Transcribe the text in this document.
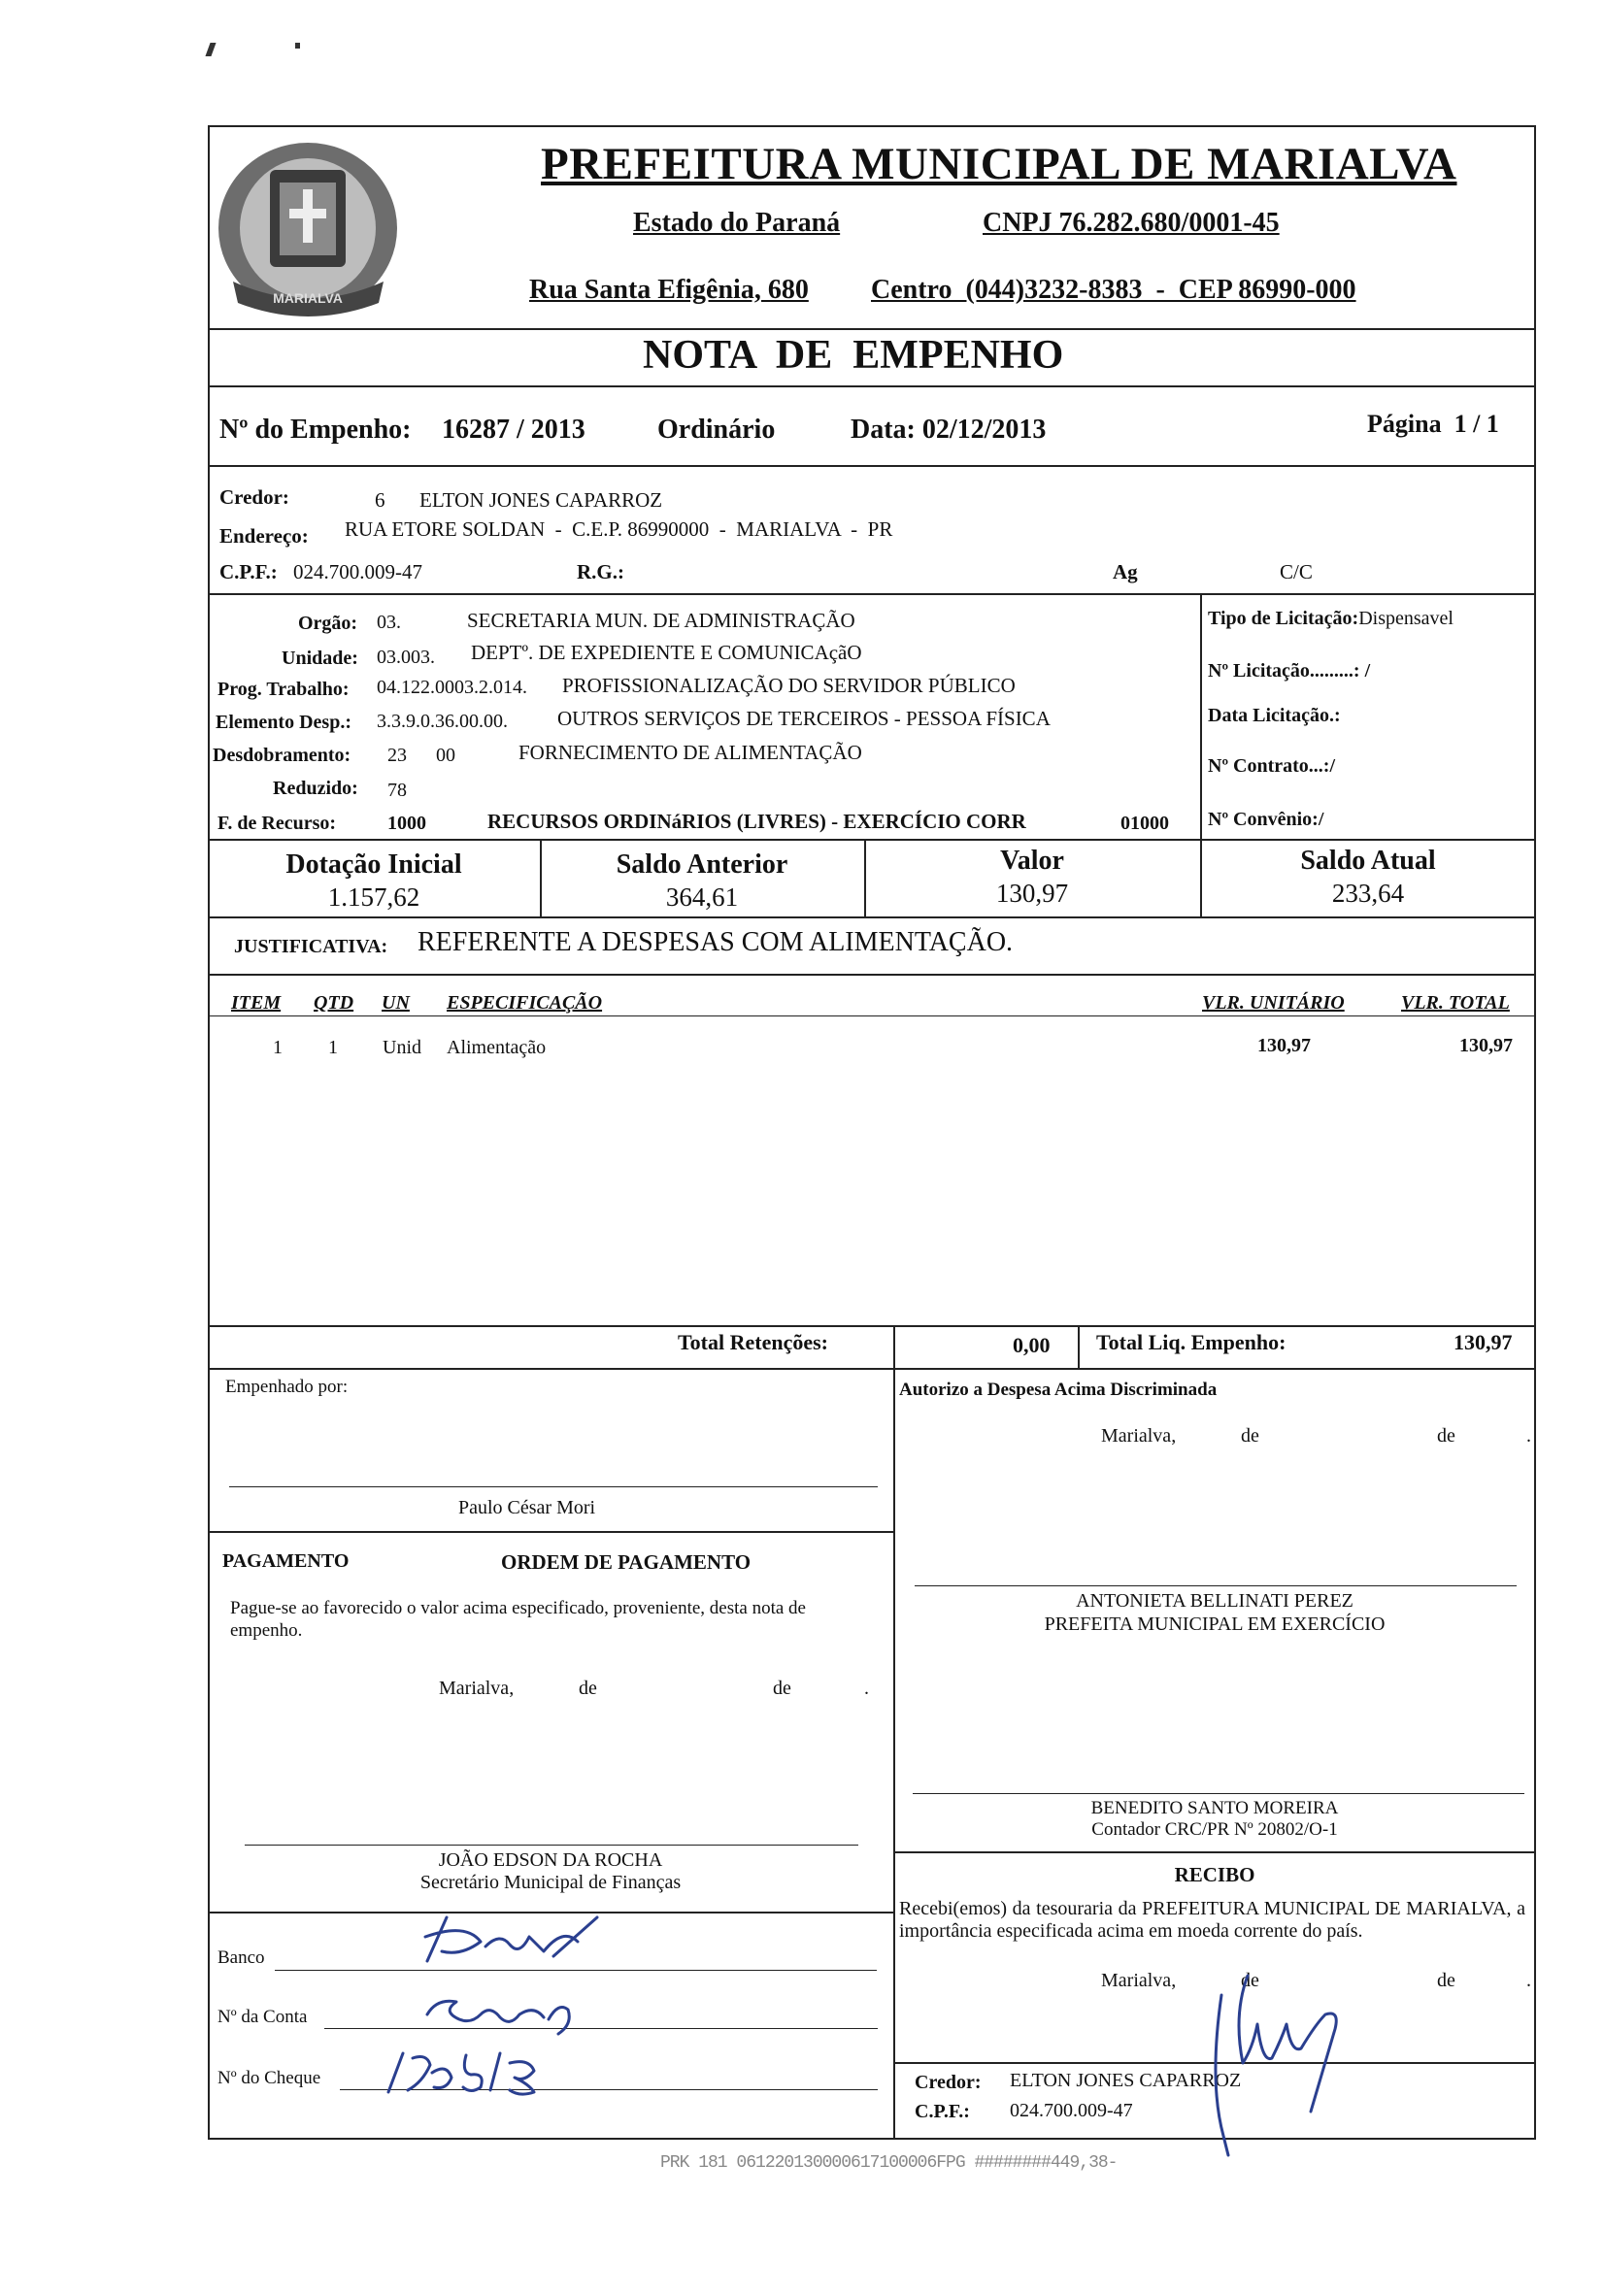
MARIALVA
PREFEITURA MUNICIPAL DE MARIALVA
Estado do Paraná	CNPJ 76.282.680/0001-45
Rua Santa Efigênia, 680 Centro  (044)3232-8383  -  CEP 86990-000
NOTA  DE  EMPENHO
Nº do Empenho: 16287 / 2013	Ordinário	Data: 02/12/2013	Página  1 / 1
Credor:	6 ELTON JONES CAPARROZ
Endereço: RUA ETORE SOLDAN  -  C.E.P. 86990000  -  MARIALVA  -  PR
C.P.F.: 024.700.009-47	R.G.:	Ag	C/C
Orgão: 03.	SECRETARIA MUN. DE ADMINISTRAÇÃO
Unidade: 03.003. DEPTº. DE EXPEDIENTE E COMUNICAçãO
Prog. Trabalho: 04.122.0003.2.014. PROFISSIONALIZAÇÃO DO SERVIDOR PÚBLICO
Elemento Desp.: 3.3.9.0.36.00.00. OUTROS SERVIÇOS DE TERCEIROS - PESSOA FÍSICA
Desdobramento: 23      00	FORNECIMENTO DE ALIMENTAÇÃO
Reduzido: 78
F. de Recurso:	1000	RECURSOS ORDINáRIOS (LIVRES) - EXERCÍCIO CORR	01000
Tipo de Licitação:Dispensavel
Nº Licitação.........: /
Data Licitação.:
Nº Contrato...:/
Nº Convênio:/
Dotação Inicial
1.157,62
Saldo Anterior
364,61
Valor
130,97
Saldo Atual
233,64
JUSTIFICATIVA: REFERENTE A DESPESAS COM ALIMENTAÇÃO.
ITEM QTD UN ESPECIFICAÇÃO	VLR. UNITÁRIO	VLR. TOTAL
1 1 Unid Alimentação	130,97	130,97
Total Retenções:	0,00 Total Liq. Empenho:	130,97
Empenhado por:
Paulo César Mori
Autorizo a Despesa Acima Discriminada
Marialva,	de	de	.
PAGAMENTO	ORDEM DE PAGAMENTO
Pague-se ao favorecido o valor acima especificado, proveniente, desta nota de empenho.
Marialva,	de	de	.
ANTONIETA BELLINATI PEREZ
PREFEITA MUNICIPAL EM EXERCÍCIO
BENEDITO SANTO MOREIRA
Contador CRC/PR Nº 20802/O-1
JOÃO EDSON DA ROCHA
Secretário Municipal de Finanças	RECIBO
Recebi(emos) da tesouraria da PREFEITURA MUNICIPAL DE MARIALVA, a importância especificada acima em moeda corrente do país.
Marialva,	de	de	.
Credor: ELTON JONES CAPARROZ
C.P.F.: 024.700.009-47
Banco
Nº da Conta
Nº do Cheque
PRK 181 061220130000617100006FPG ########449,38-
